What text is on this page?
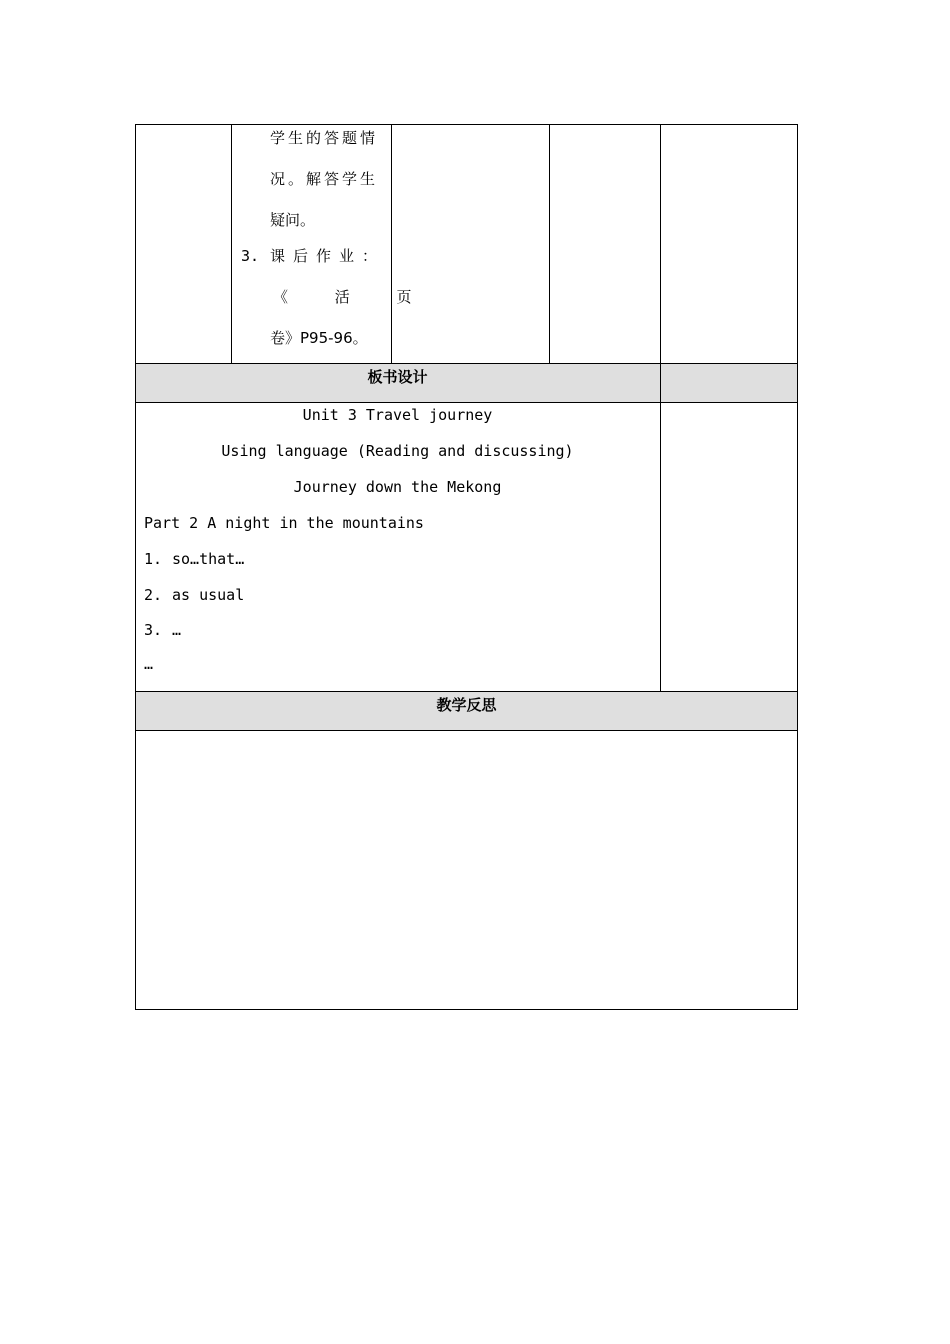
学生的答题情
况。解答学生
疑问。
3. 课后作业：
《 活 页
卷》P95-96。
板书设计
Unit 3 Travel journey
Using language (Reading and discussing)
Journey down the Mekong
Part 2 A night in the mountains
1. so…that…
2. as usual
3. …
…
教学反思
